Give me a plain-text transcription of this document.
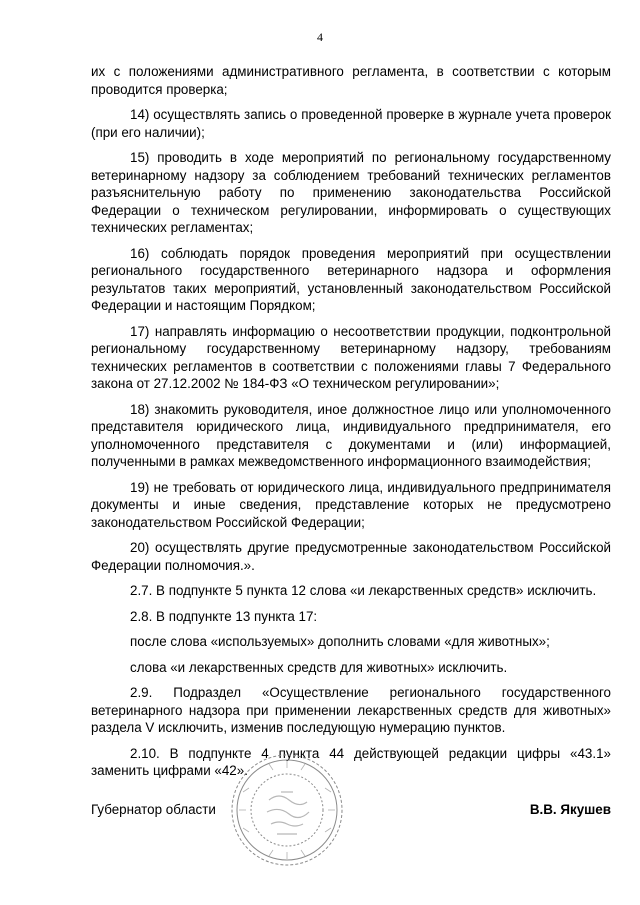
4

их с положениями административного регламента, в соответствии с которым проводится проверка;

14) осуществлять запись о проведенной проверке в журнале учета проверок (при его наличии);

15) проводить в ходе мероприятий по региональному государственному ветеринарному надзору за соблюдением требований технических регламентов разъяснительную работу по применению законодательства Российской Федерации о техническом регулировании, информировать о существующих технических регламентах;

16) соблюдать порядок проведения мероприятий при осуществлении регионального государственного ветеринарного надзора и оформления результатов таких мероприятий, установленный законодательством Российской Федерации и настоящим Порядком;

17) направлять информацию о несоответствии продукции, подконтрольной региональному государственному ветеринарному надзору, требованиям технических регламентов в соответствии с положениями главы 7 Федерального закона от 27.12.2002 № 184-ФЗ «О техническом регулировании»;

18) знакомить руководителя, иное должностное лицо или уполномоченного представителя юридического лица, индивидуального предпринимателя, его уполномоченного представителя с документами и (или) информацией, полученными в рамках межведомственного информационного взаимодействия;

19) не требовать от юридического лица, индивидуального предпринимателя документы и иные сведения, представление которых не предусмотрено законодательством Российской Федерации;

20) осуществлять другие предусмотренные законодательством Российской Федерации полномочия.».

2.7. В подпункте 5 пункта 12 слова «и лекарственных средств» исключить.

2.8. В подпункте 13 пункта 17:

после слова «используемых» дополнить словами «для животных»;

слова «и лекарственных средств для животных» исключить.

2.9. Подраздел «Осуществление регионального государственного ветеринарного надзора при применении лекарственных средств для животных» раздела V исключить, изменив последующую нумерацию пунктов.

2.10. В подпункте 4 пункта 44 действующей редакции цифры «43.1» заменить цифрами «42».

Губернатор области	В.В. Якушев
